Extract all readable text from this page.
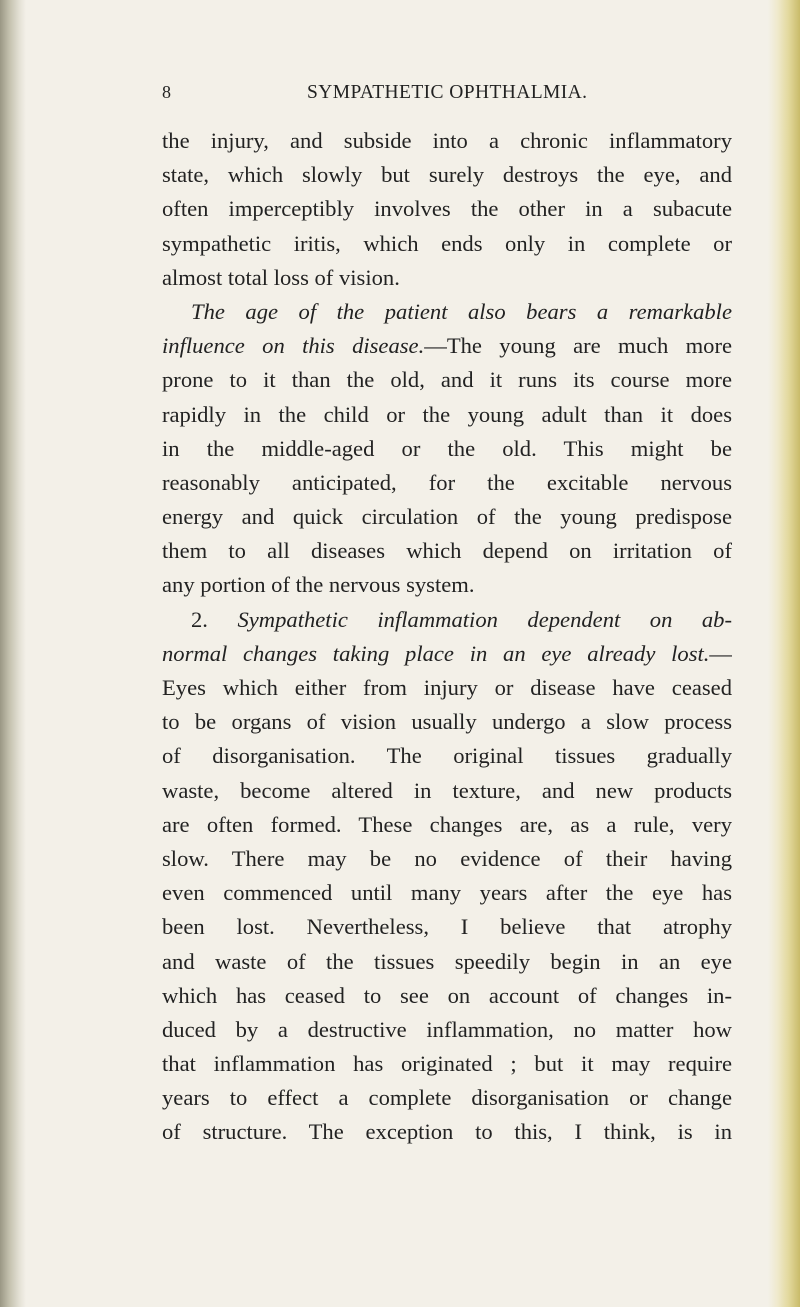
8	SYMPATHETIC OPHTHALMIA.
the injury, and subside into a chronic inflammatory
state, which slowly but surely destroys the eye, and
often imperceptibly involves the other in a subacute
sympathetic iritis, which ends only in complete or
almost total loss of vision.
The age of the patient also bears a remarkable
influence on this disease.—The young are much more
prone to it than the old, and it runs its course more
rapidly in the child or the young adult than it does
in the middle-aged or the old. This might be
reasonably anticipated, for the excitable nervous
energy and quick circulation of the young predispose
them to all diseases which depend on irritation of
any portion of the nervous system.
2. Sympathetic inflammation dependent on ab-
normal changes taking place in an eye already lost.—
Eyes which either from injury or disease have ceased
to be organs of vision usually undergo a slow process
of disorganisation. The original tissues gradually
waste, become altered in texture, and new products
are often formed. These changes are, as a rule, very
slow. There may be no evidence of their having
even commenced until many years after the eye has
been lost. Nevertheless, I believe that atrophy
and waste of the tissues speedily begin in an eye
which has ceased to see on account of changes in-
duced by a destructive inflammation, no matter how
that inflammation has originated ; but it may require
years to effect a complete disorganisation or change
of structure. The exception to this, I think, is in
